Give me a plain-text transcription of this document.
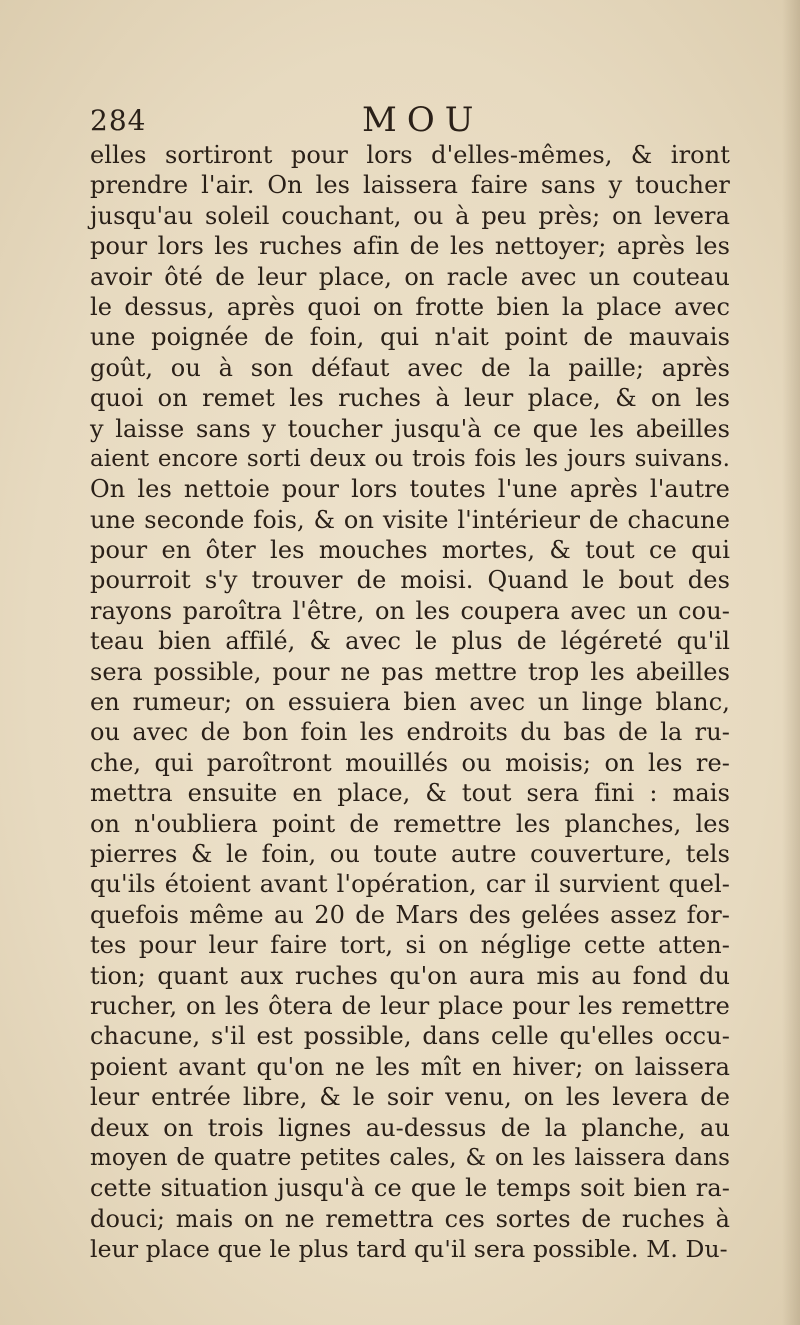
284	MOU
elles sortiront pour lors d'elles-mêmes, & iront
prendre l'air. On les laissera faire sans y toucher
jusqu'au soleil couchant, ou à peu près; on levera
pour lors les ruches afin de les nettoyer; après les
avoir ôté de leur place, on racle avec un couteau
le dessus, après quoi on frotte bien la place avec
une poignée de foin, qui n'ait point de mauvais
goût, ou à son défaut avec de la paille; après
quoi on remet les ruches à leur place, & on les
y laisse sans y toucher jusqu'à ce que les abeilles
aient encore sorti deux ou trois fois les jours suivans.
On les nettoie pour lors toutes l'une après l'autre
une seconde fois, & on visite l'intérieur de chacune
pour en ôter les mouches mortes, & tout ce qui
pourroit s'y trouver de moisi. Quand le bout des
rayons paroîtra l'être, on les coupera avec un cou-
teau bien affilé, & avec le plus de légéreté qu'il
sera possible, pour ne pas mettre trop les abeilles
en rumeur; on essuiera bien avec un linge blanc,
ou avec de bon foin les endroits du bas de la ru-
che, qui paroîtront mouillés ou moisis; on les re-
mettra ensuite en place, & tout sera fini : mais
on n'oubliera point de remettre les planches, les
pierres & le foin, ou toute autre couverture, tels
qu'ils étoient avant l'opération, car il survient quel-
quefois même au 20 de Mars des gelées assez for-
tes pour leur faire tort, si on néglige cette atten-
tion; quant aux ruches qu'on aura mis au fond du
rucher, on les ôtera de leur place pour les remettre
chacune, s'il est possible, dans celle qu'elles occu-
poient avant qu'on ne les mît en hiver; on laissera
leur entrée libre, & le soir venu, on les levera de
deux on trois lignes au-dessus de la planche, au
moyen de quatre petites cales, & on les laissera dans
cette situation jusqu'à ce que le temps soit bien ra-
douci; mais on ne remettra ces sortes de ruches à
leur place que le plus tard qu'il sera possible. M. Du-
